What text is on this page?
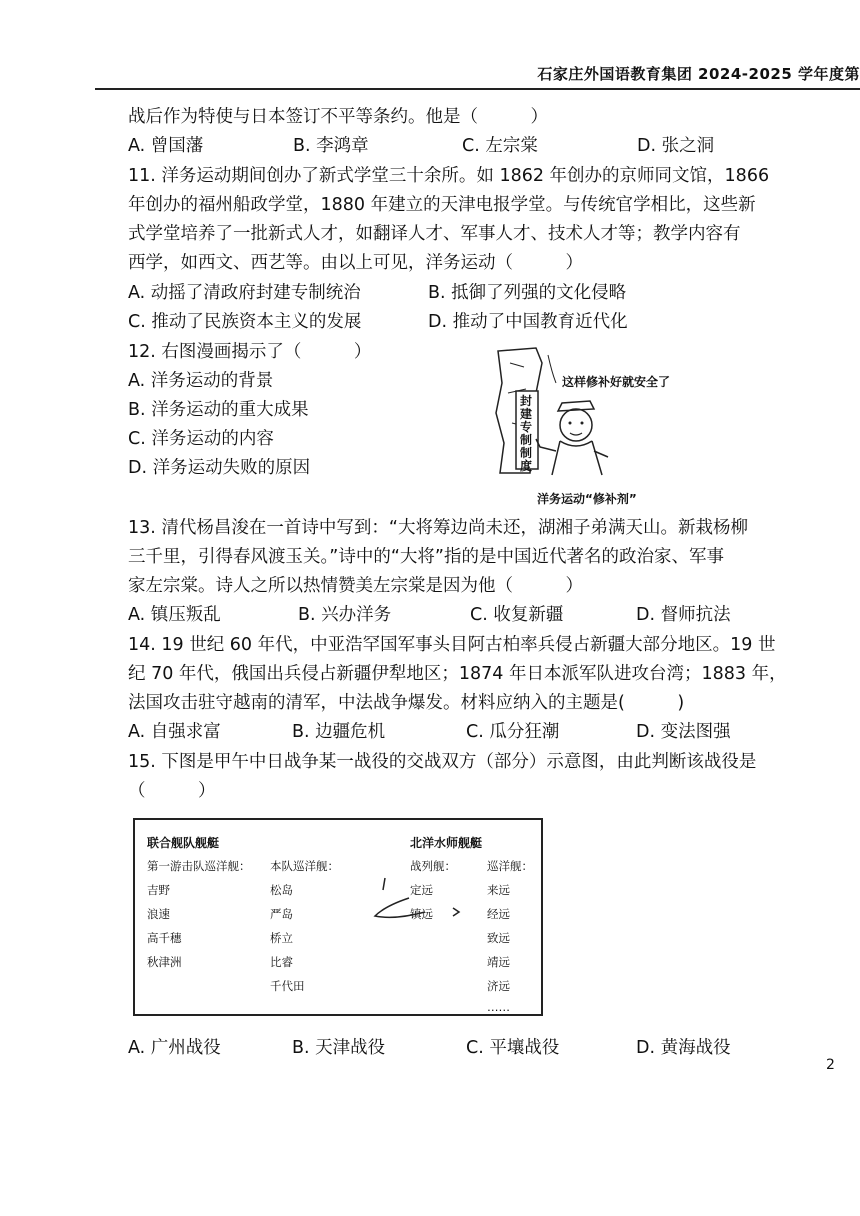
石家庄外国语教育集团 2024-2025 学年度第
战后作为特使与日本签订不平等条约。他是（　　　）
A. 曾国藩	B. 李鸿章	C. 左宗棠	D. 张之洞
11. 洋务运动期间创办了新式学堂三十余所。如 1862 年创办的京师同文馆，1866
年创办的福州船政学堂，1880 年建立的天津电报学堂。与传统官学相比，这些新
式学堂培养了一批新式人才，如翻译人才、军事人才、技术人才等；教学内容有
西学，如西文、西艺等。由以上可见，洋务运动（　　　）
A. 动摇了清政府封建专制统治	B. 抵御了列强的文化侵略
C. 推动了民族资本主义的发展	D. 推动了中国教育近代化
12. 右图漫画揭示了（　　　）
A. 洋务运动的背景
B. 洋务运动的重大成果
C. 洋务运动的内容
D. 洋务运动失败的原因
这样修补好就安全了
封建专制制度
洋务运动“修补剂”
13. 清代杨昌浚在一首诗中写到：“大将筹边尚未还，湖湘子弟满天山。新栽杨柳
三千里，引得春风渡玉关。”诗中的“大将”指的是中国近代著名的政治家、军事
家左宗棠。诗人之所以热情赞美左宗棠是因为他（　　　）
A. 镇压叛乱	B. 兴办洋务	C. 收复新疆	D. 督师抗法
14. 19 世纪 60 年代，中亚浩罕国军事头目阿古柏率兵侵占新疆大部分地区。19 世
纪 70 年代，俄国出兵侵占新疆伊犁地区；1874 年日本派军队进攻台湾；1883 年，
法国攻击驻守越南的清军，中法战争爆发。材料应纳入的主题是(　　　)
A. 自强求富	B. 边疆危机	C. 瓜分狂潮	D. 变法图强
15. 下图是甲午中日战争某一战役的交战双方（部分）示意图，由此判断该战役是
（　　　）
联合舰队舰艇
第一游击队巡洋舰：
吉野
浪速
高千穗
秋津洲
本队巡洋舰：
松岛
严岛
桥立
比睿
千代田
北洋水师舰艇
战列舰：
定远
镇远
巡洋舰：
来远
经远
致远
靖远
济远
……
A. 广州战役	B. 天津战役	C. 平壤战役	D. 黄海战役
2
